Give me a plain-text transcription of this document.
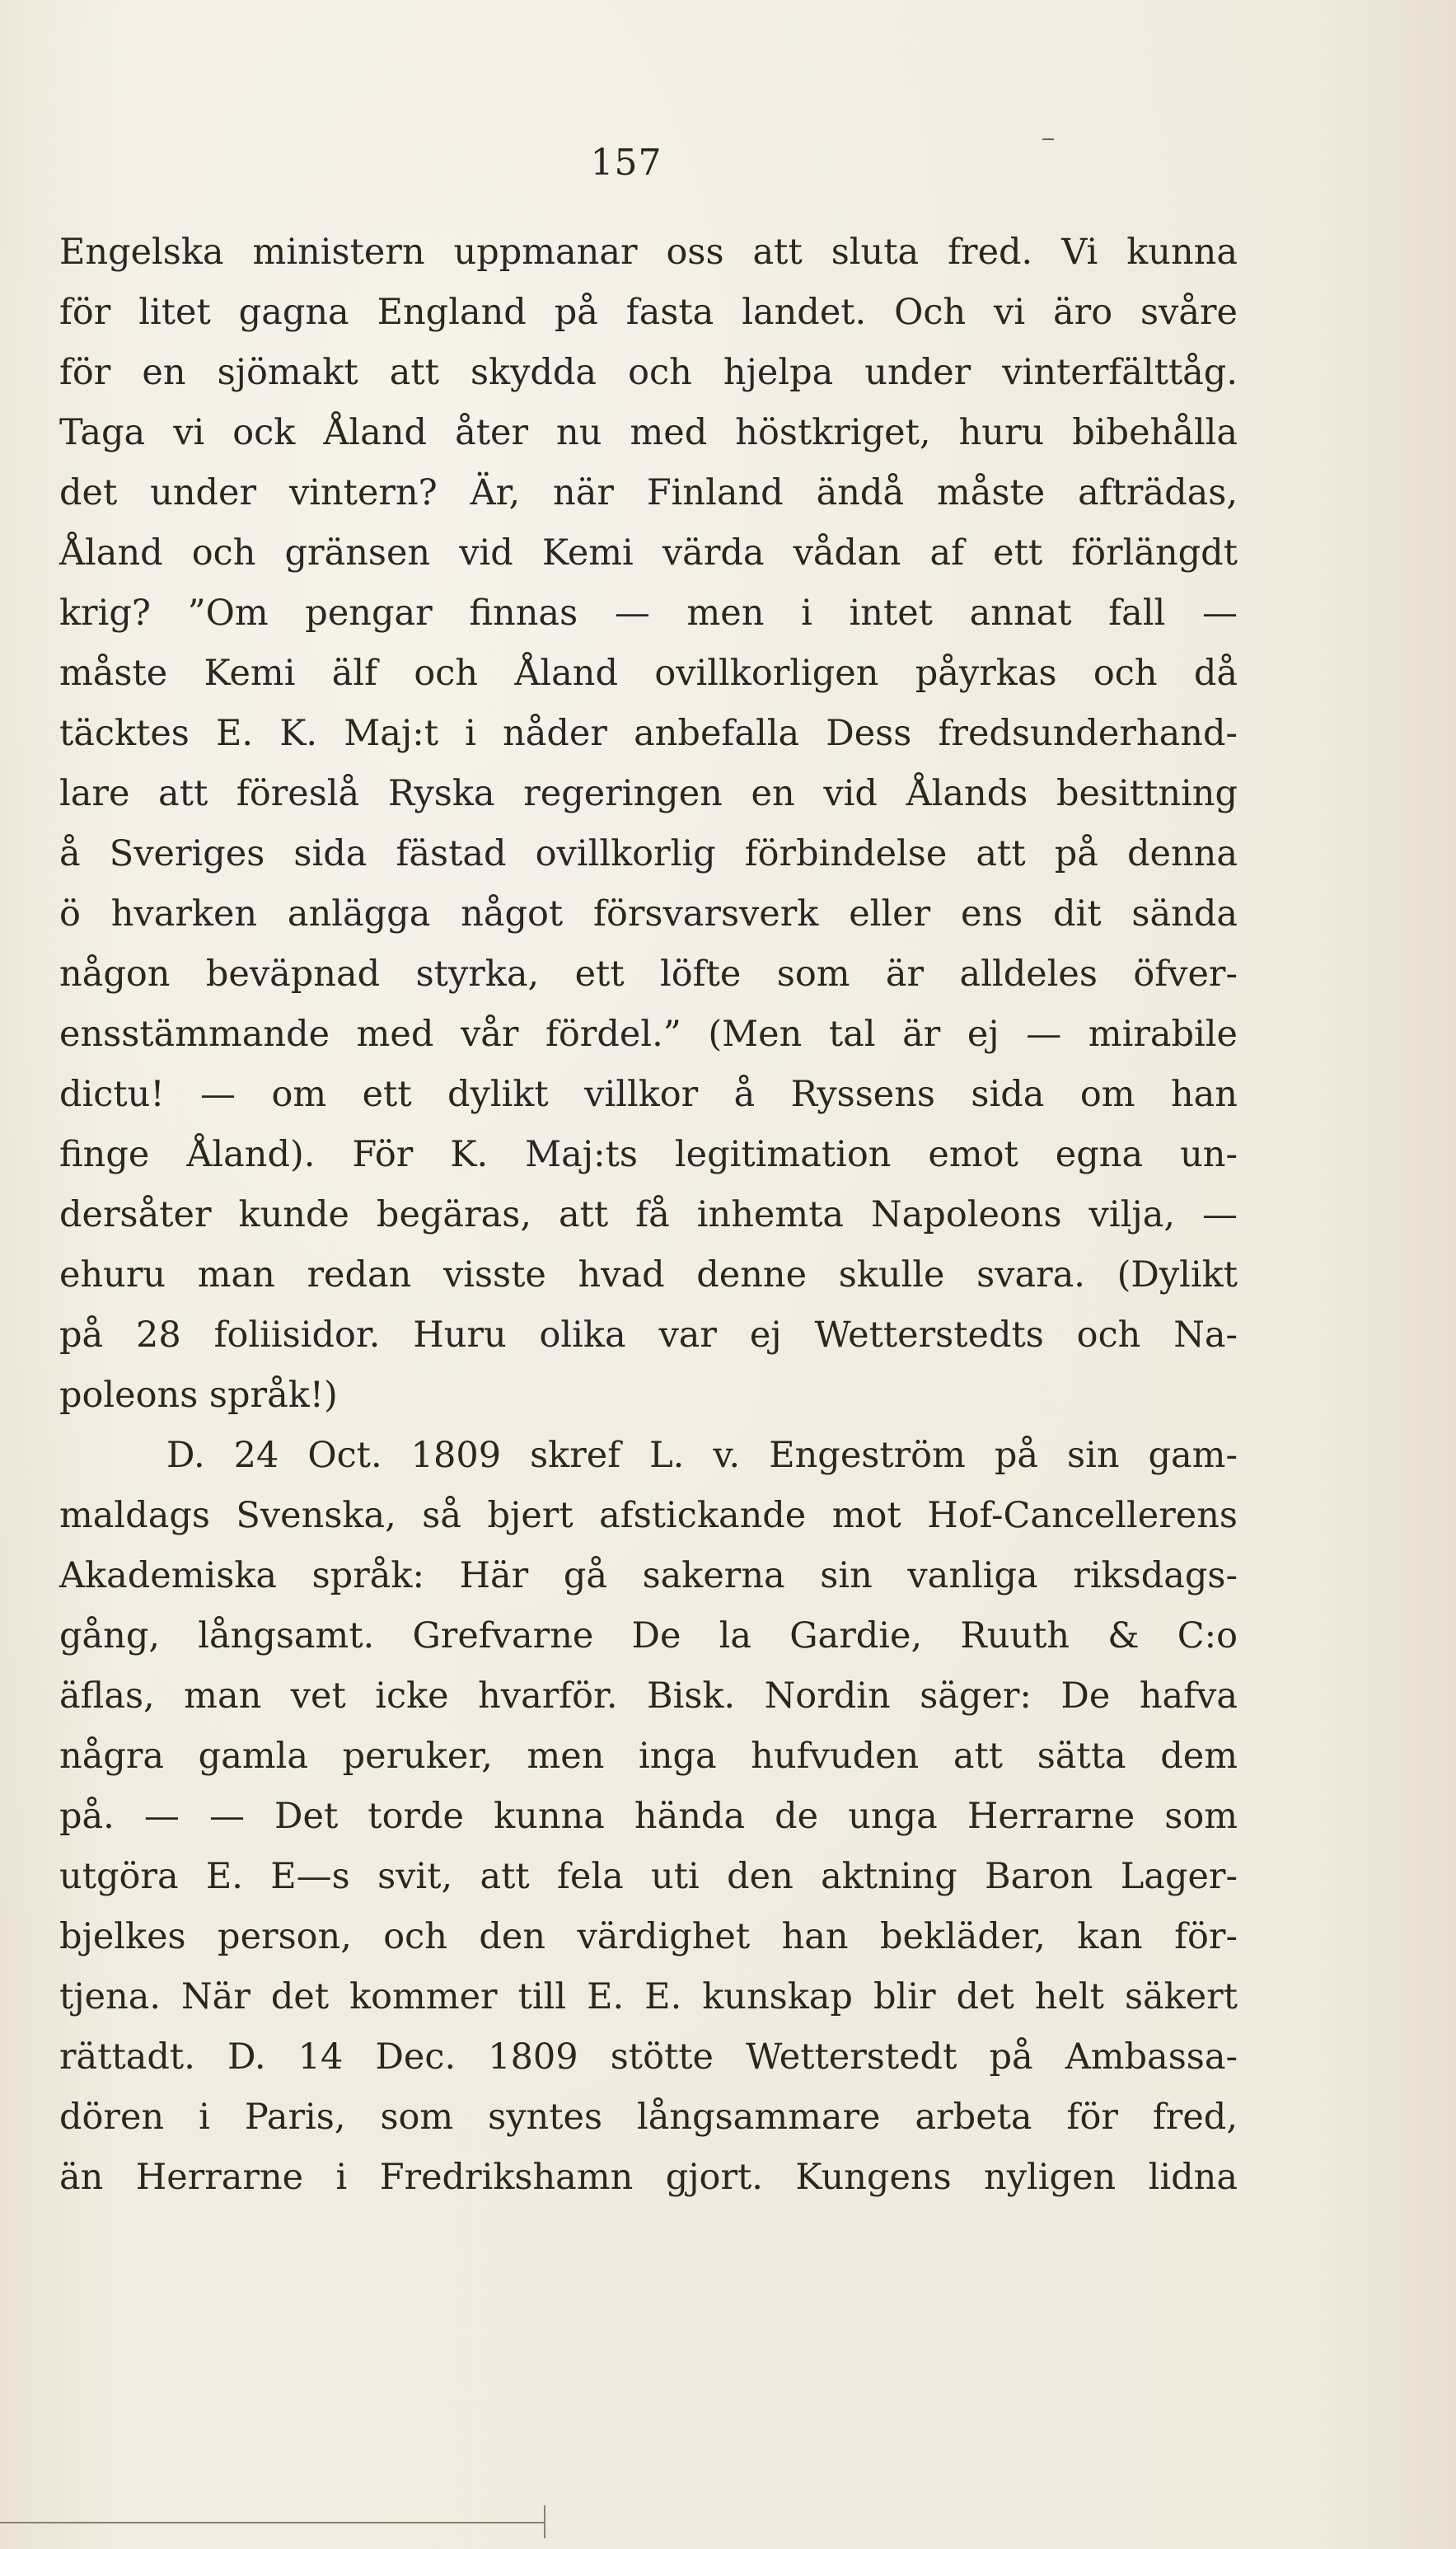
157
Engelska ministern uppmanar oss att sluta fred. Vi kunna
för litet gagna England på fasta landet. Och vi äro svåre
för en sjömakt att skydda och hjelpa under vinterfälttåg.
Taga vi ock Åland åter nu med höstkriget, huru bibehålla
det under vintern? Är, när Finland ändå måste afträdas,
Åland och gränsen vid Kemi värda vådan af ett förlängdt
krig? ”Om pengar finnas — men i intet annat fall —
måste Kemi älf och Åland ovillkorligen påyrkas och då
täcktes E. K. Maj:t i nåder anbefalla Dess fredsunderhand-
lare att föreslå Ryska regeringen en vid Ålands besittning
å Sveriges sida fästad ovillkorlig förbindelse att på denna
ö hvarken anlägga något försvarsverk eller ens dit sända
någon beväpnad styrka, ett löfte som är alldeles öfver-
ensstämmande med vår fördel.” (Men tal är ej — mirabile
dictu! — om ett dylikt villkor å Ryssens sida om han
finge Åland). För K. Maj:ts legitimation emot egna un-
dersåter kunde begäras, att få inhemta Napoleons vilja, —
ehuru man redan visste hvad denne skulle svara. (Dylikt
på 28 foliisidor. Huru olika var ej Wetterstedts och Na-
poleons språk!)
D. 24 Oct. 1809 skref L. v. Engeström på sin gam-
maldags Svenska, så bjert afstickande mot Hof-Cancellerens
Akademiska språk: Här gå sakerna sin vanliga riksdags-
gång, långsamt. Grefvarne De la Gardie, Ruuth & C:o
äflas, man vet icke hvarför. Bisk. Nordin säger: De hafva
några gamla peruker, men inga hufvuden att sätta dem
på. — — Det torde kunna hända de unga Herrarne som
utgöra E. E—s svit, att fela uti den aktning Baron Lager-
bjelkes person, och den värdighet han bekläder, kan för-
tjena. När det kommer till E. E. kunskap blir det helt säkert
rättadt. D. 14 Dec. 1809 stötte Wetterstedt på Ambassa-
dören i Paris, som syntes långsammare arbeta för fred,
än Herrarne i Fredrikshamn gjort. Kungens nyligen lidna
